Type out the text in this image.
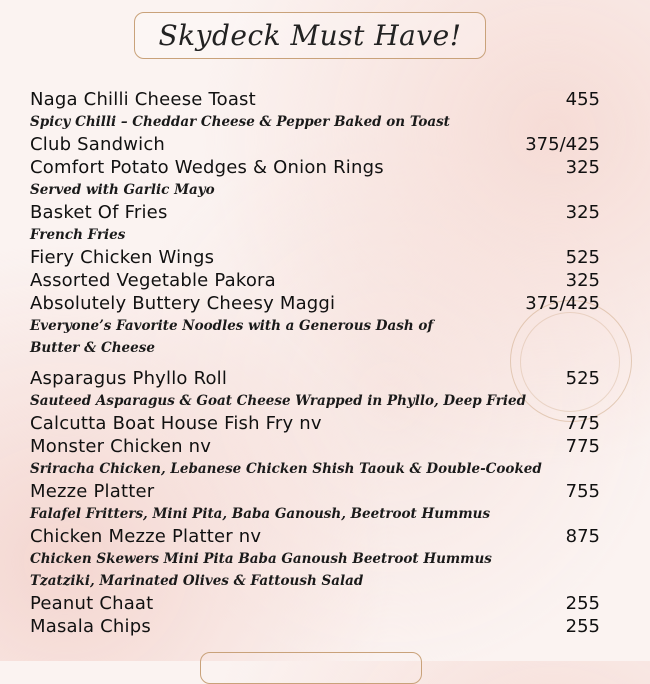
Skydeck Must Have!
Naga Chilli Cheese Toast	455
Spicy Chilli – Cheddar Cheese & Pepper Baked on Toast
Club Sandwich	375/425
Comfort Potato Wedges & Onion Rings	325
Served with Garlic Mayo
Basket Of Fries	325
French Fries
Fiery Chicken Wings	525
Assorted Vegetable Pakora	325
Absolutely Buttery Cheesy Maggi	375/425
Everyone’s Favorite Noodles with a Generous Dash of
Butter & Cheese
Asparagus Phyllo Roll	525
Sauteed Asparagus & Goat Cheese Wrapped in Phyllo, Deep Fried
Calcutta Boat House Fish Fry nv	775
Monster Chicken nv	775
Sriracha Chicken, Lebanese Chicken Shish Taouk & Double-Cooked
Mezze Platter	755
Falafel Fritters, Mini Pita, Baba Ganoush, Beetroot Hummus
Chicken Mezze Platter nv	875
Chicken Skewers Mini Pita Baba Ganoush Beetroot Hummus
Tzatziki, Marinated Olives & Fattoush Salad
Peanut Chaat	255
Masala Chips	255
